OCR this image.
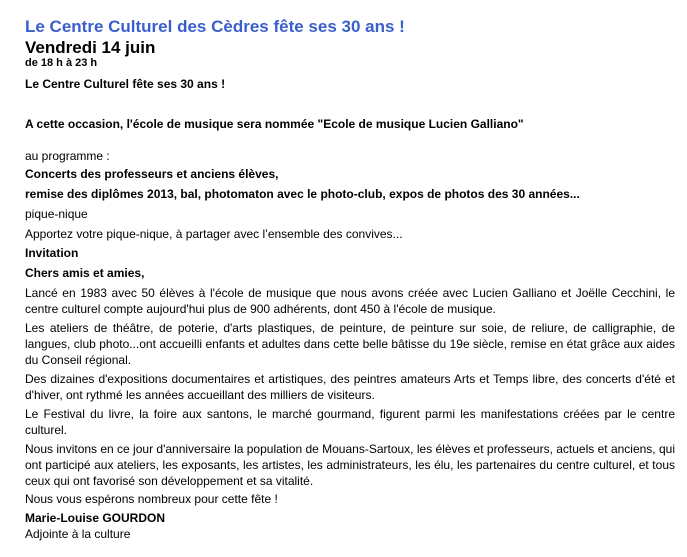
Le Centre Culturel des Cèdres fête ses 30 ans !
Vendredi 14 juin
de 18 h à 23 h
Le Centre Culturel fête ses 30 ans !
A cette occasion, l'école de musique sera nommée "Ecole de musique Lucien Galliano"
au programme :
Concerts des professeurs et anciens élèves,
remise des diplômes 2013, bal, photomaton avec le photo-club, expos de photos des 30 années...
pique-nique
Apportez votre pique-nique, à partager avec l’ensemble des convives...
Invitation
Chers amis et amies,
Lancé en 1983 avec 50 élèves à l'école de musique que nous avons créée avec Lucien Galliano et Joëlle Cecchini, le centre culturel compte aujourd'hui plus de 900 adhérents, dont 450 à l'école de musique.
Les ateliers de théâtre, de poterie, d'arts plastiques, de peinture, de peinture sur soie, de reliure, de calligraphie, de langues, club photo...ont accueilli enfants et adultes dans cette belle bâtisse du 19e siècle, remise en état grâce aux aides du Conseil régional.
Des dizaines d'expositions documentaires et artistiques, des peintres amateurs Arts et Temps libre, des concerts d'été et d'hiver, ont rythmé les années accueillant des milliers de visiteurs.
Le Festival du livre, la foire aux santons, le marché gourmand, figurent parmi les manifestations créées par le centre culturel.
Nous invitons en ce jour d'anniversaire la population de Mouans-Sartoux, les élèves et professeurs, actuels et anciens, qui ont participé aux ateliers, les exposants, les artistes, les administrateurs, les élu, les partenaires du centre culturel, et tous ceux qui ont favorisé son développement et sa vitalité.
Nous vous espérons nombreux pour cette fête !
Marie-Louise GOURDON
Adjointe à la culture
